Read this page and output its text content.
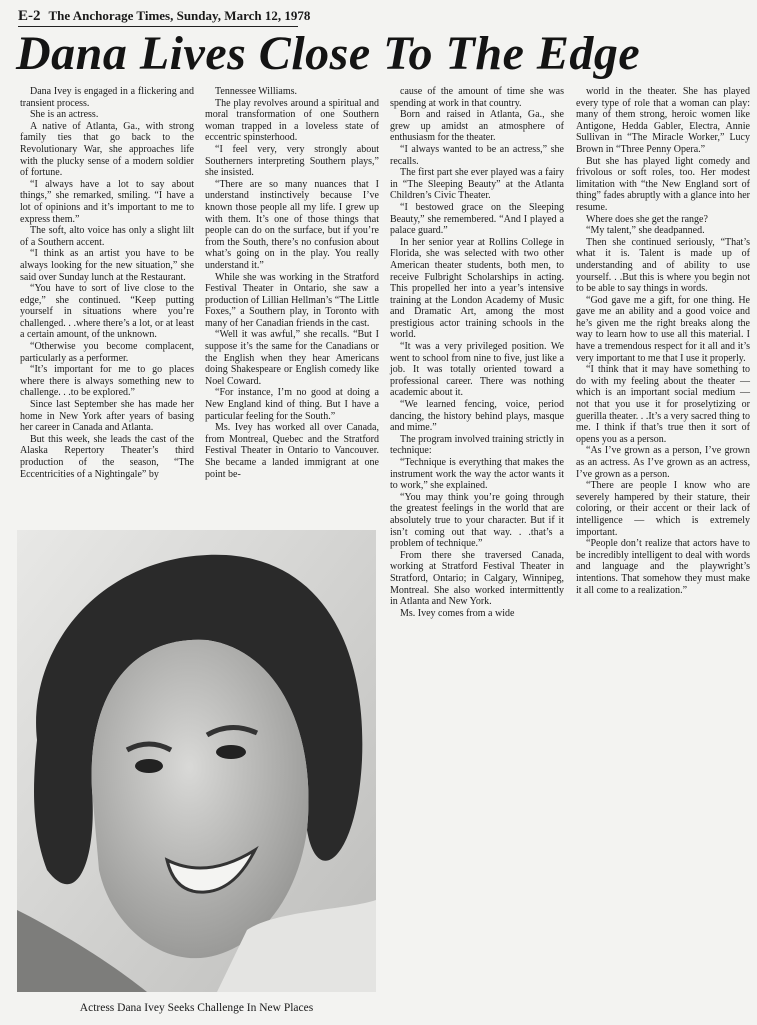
E-2 The Anchorage Times, Sunday, March 12, 1978
Dana Lives Close To The Edge

Dana Ivey is engaged in a flickering and transient process.

She is an actress.

A native of Atlanta, Ga., with strong family ties that go back to the Revolutionary War, she approaches life with the plucky sense of a modern soldier of fortune.

“I always have a lot to say about things,” she remarked, smiling. “I have a lot of opinions and it’s important to me to express them.”

The soft, alto voice has only a slight lilt of a Southern accent.

“I think as an artist you have to be always looking for the new situation,” she said over Sunday lunch at the Restaurant.

“You have to sort of live close to the edge,” she continued. “Keep putting yourself in situations where you’re challenged. . .where there’s a lot, or at least a certain amount, of the unknown.

“Otherwise you become complacent, particularly as a performer.

“It’s important for me to go places where there is always something new to challenge. . .to be explored.”

Since last September she has made her home in New York after years of basing her career in Canada and Atlanta.

But this week, she leads the cast of the Alaska Repertory Theater’s third production of the season, “The Eccentricities of a Nightingale” by

Tennessee Williams.

The play revolves around a spiritual and moral transformation of one Southern woman trapped in a loveless state of eccentric spinsterhood.

“I feel very, very strongly about Southerners interpreting Southern plays,” she insisted.

“There are so many nuances that I understand instinctively because I’ve known those people all my life. I grew up with them. It’s one of those things that people can do on the surface, but if you’re from the South, there’s no confusion about what’s going on in the play. You really understand it.”

While she was working in the Stratford Festival Theater in Ontario, she saw a production of Lillian Hellman’s “The Little Foxes,” a Southern play, in Toronto with many of her Canadian friends in the cast.

“Well it was awful,” she recalls. “But I suppose it’s the same for the Canadians or the English when they hear Americans doing Shakespeare or English comedy like Noel Coward.

“For instance, I’m no good at doing a New England kind of thing. But I have a particular feeling for the South.”

Ms. Ivey has worked all over Canada, from Montreal, Quebec and the Stratford Festival Theater in Ontario to Vancouver. She became a landed immigrant at one point be-

cause of the amount of time she was spending at work in that country.

Born and raised in Atlanta, Ga., she grew up amidst an atmosphere of enthusiasm for the theater.

“I always wanted to be an actress,” she recalls.

The first part she ever played was a fairy in “The Sleeping Beauty” at the Atlanta Children’s Civic Theater.

“I bestowed grace on the Sleeping Beauty,” she remembered. “And I played a palace guard.”

In her senior year at Rollins College in Florida, she was selected with two other American theater students, both men, to receive Fulbright Scholarships in acting. This propelled her into a year’s intensive training at the London Academy of Music and Dramatic Art, among the most prestigious actor training schools in the world.

“It was a very privileged position. We went to school from nine to five, just like a job. It was totally oriented toward a professional career. There was nothing academic about it.

“We learned fencing, voice, period dancing, the history behind plays, masque and mime.”

The program involved training strictly in technique:

“Technique is everything that makes the instrument work the way the actor wants it to work,” she explained.

“You may think you’re going through the greatest feelings in the world that are absolutely true to your character. But if it isn’t coming out that way. . .that’s a problem of technique.”

From there she traversed Canada, working at Stratford Festival Theater in Stratford, Ontario; in Calgary, Winnipeg, Montreal. She also worked intermittently in Atlanta and New York.

Ms. Ivey comes from a wide

world in the theater. She has played every type of role that a woman can play: many of them strong, heroic women like Antigone, Hedda Gabler, Electra, Annie Sullivan in “The Miracle Worker,” Lucy Brown in “Three Penny Opera.”

But she has played light comedy and frivolous or soft roles, too. Her modest limitation with “the New England sort of thing” fades abruptly with a glance into her resume.

Where does she get the range?

“My talent,” she deadpanned.

Then she continued seriously, “That’s what it is. Talent is made up of understanding and of ability to use yourself. . .But this is where you begin not to be able to say things in words.

“God gave me a gift, for one thing. He gave me an ability and a good voice and he’s given me the right breaks along the way to learn how to use all this material. I have a tremendous respect for it all and it’s very important to me that I use it properly.

“I think that it may have something to do with my feeling about the theater — which is an important social medium — not that you use it for proselytizing or guerilla theater. . .It’s a very sacred thing to me. I think if that’s true then it sort of opens you as a person.

“As I’ve grown as a person, I’ve grown as an actress. As I’ve grown as an actress, I’ve grown as a person.

“There are people I know who are severely hampered by their stature, their coloring, or their accent or their lack of intelligence — which is extremely important.

“People don’t realize that actors have to be incredibly intelligent to deal with words and language and the playwright’s intentions. That somehow they must make it all come to a realization.”

Actress Dana Ivey Seeks Challenge In New Places
